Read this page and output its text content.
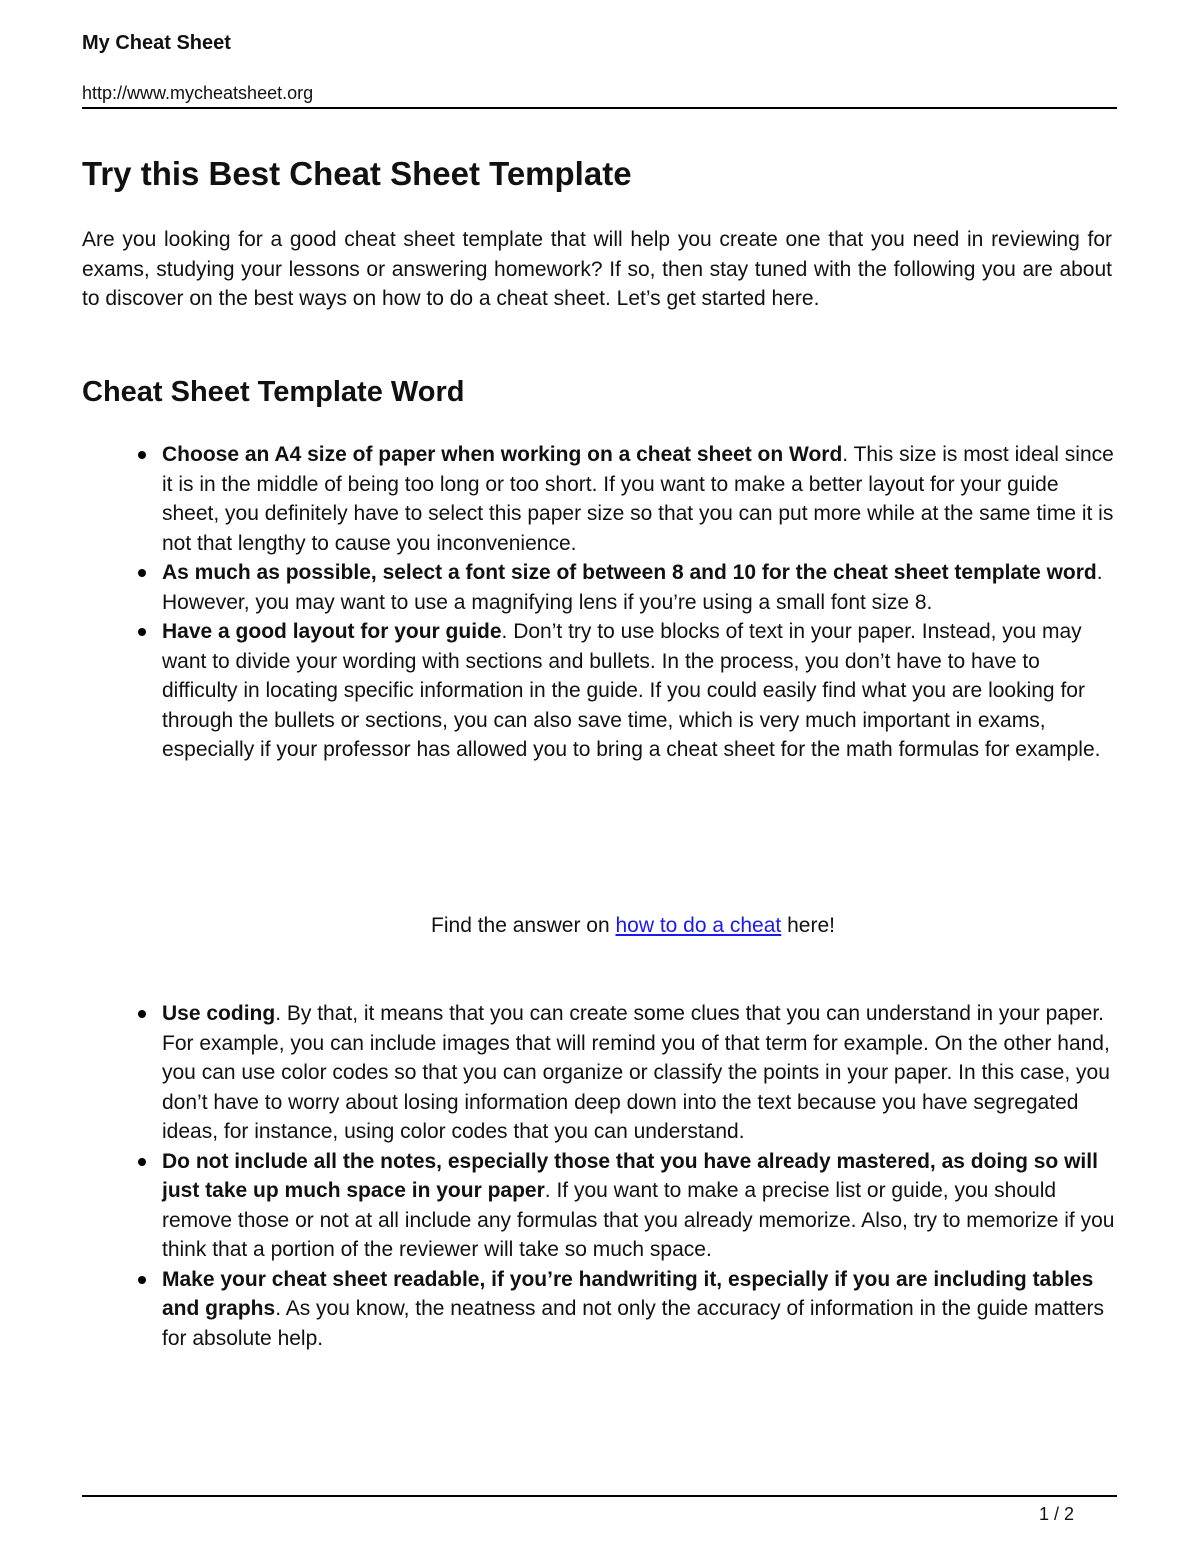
My Cheat Sheet
http://www.mycheatsheet.org
Try this Best Cheat Sheet Template

Are you looking for a good cheat sheet template that will help you create one that you need in reviewing for exams, studying your lessons or answering homework? If so, then stay tuned with the following you are about to discover on the best ways on how to do a cheat sheet. Let’s get started here.

Cheat Sheet Template Word
Choose an A4 size of paper when working on a cheat sheet on Word. This size is most ideal since it is in the middle of being too long or too short. If you want to make a better layout for your guide sheet, you definitely have to select this paper size so that you can put more while at the same time it is not that lengthy to cause you inconvenience.
As much as possible, select a font size of between 8 and 10 for the cheat sheet template word. However, you may want to use a magnifying lens if you’re using a small font size 8.
Have a good layout for your guide. Don’t try to use blocks of text in your paper. Instead, you may want to divide your wording with sections and bullets. In the process, you don’t have to have to difficulty in locating specific information in the guide. If you could easily find what you are looking for through the bullets or sections, you can also save time, which is very much important in exams, especially if your professor has allowed you to bring a cheat sheet for the math formulas for example.
Find the answer on how to do a cheat here!
Use coding. By that, it means that you can create some clues that you can understand in your paper. For example, you can include images that will remind you of that term for example. On the other hand, you can use color codes so that you can organize or classify the points in your paper. In this case, you don’t have to worry about losing information deep down into the text because you have segregated ideas, for instance, using color codes that you can understand.
Do not include all the notes, especially those that you have already mastered, as doing so will just take up much space in your paper. If you want to make a precise list or guide, you should remove those or not at all include any formulas that you already memorize. Also, try to memorize if you think that a portion of the reviewer will take so much space.
Make your cheat sheet readable, if you’re handwriting it, especially if you are including tables and graphs. As you know, the neatness and not only the accuracy of information in the guide matters for absolute help.
1 / 2
